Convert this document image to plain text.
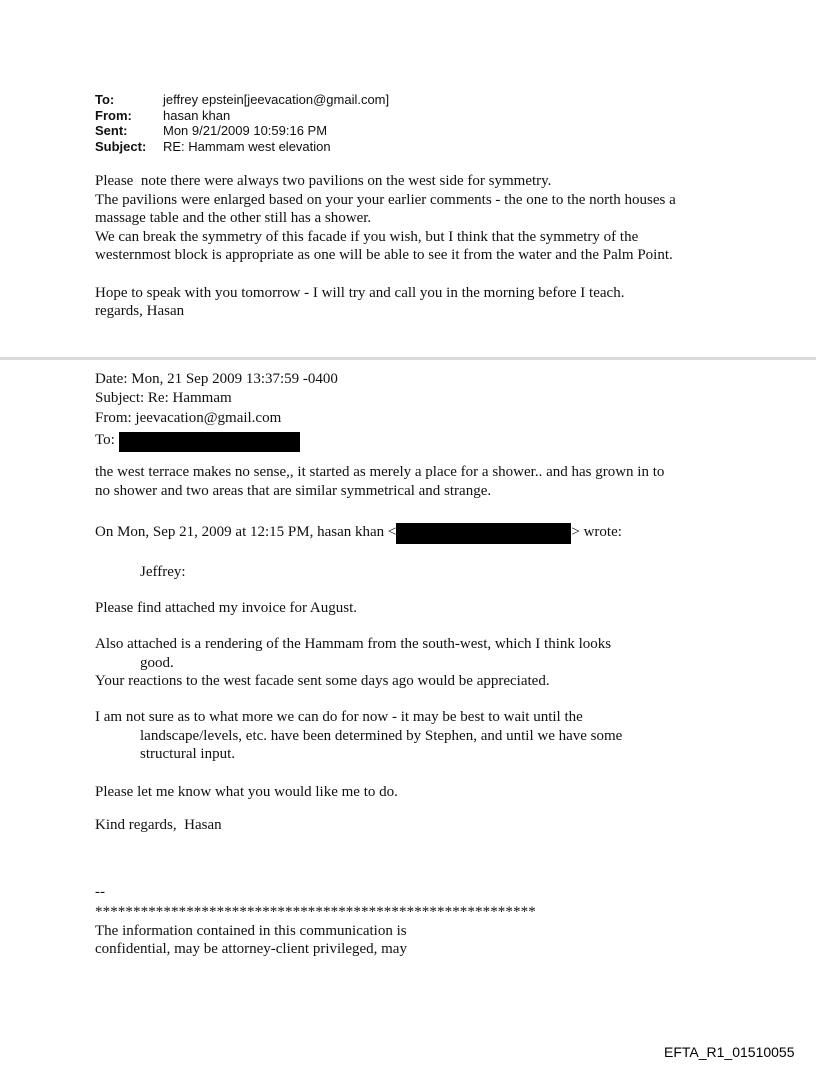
To:	jeffrey epstein[jeevacation@gmail.com]
From:	hasan khan
Sent:	Mon 9/21/2009 10:59:16 PM
Subject:	RE: Hammam west elevation
Please  note there were always two pavilions on the west side for symmetry.
The pavilions were enlarged based on your your earlier comments - the one to the north houses a
massage table and the other still has a shower.
We can break the symmetry of this facade if you wish, but I think that the symmetry of the
westernmost block is appropriate as one will be able to see it from the water and the Palm Point.
Hope to speak with you tomorrow - I will try and call you in the morning before I teach.
regards, Hasan
Date: Mon, 21 Sep 2009 13:37:59 -0400
Subject: Re: Hammam
From: jeevacation@gmail.com
To:
the west terrace makes no sense,, it started as merely a place for a shower.. and has grown in to
no shower and two areas that are similar symmetrical and strange.
On Mon, Sep 21, 2009 at 12:15 PM, hasan khan <	> wrote:
Jeffrey:
Please find attached my invoice for August.
Also attached is a rendering of the Hammam from the south-west, which I think looks
good.
Your reactions to the west facade sent some days ago would be appreciated.
I am not sure as to what more we can do for now - it may be best to wait until the
landscape/levels, etc. have been determined by Stephen, and until we have some
structural input.
Please let me know what you would like me to do.
Kind regards,  Hasan
--
**********************************************************
The information contained in this communication is
confidential, may be attorney-client privileged, may
EFTA_R1_01510055
